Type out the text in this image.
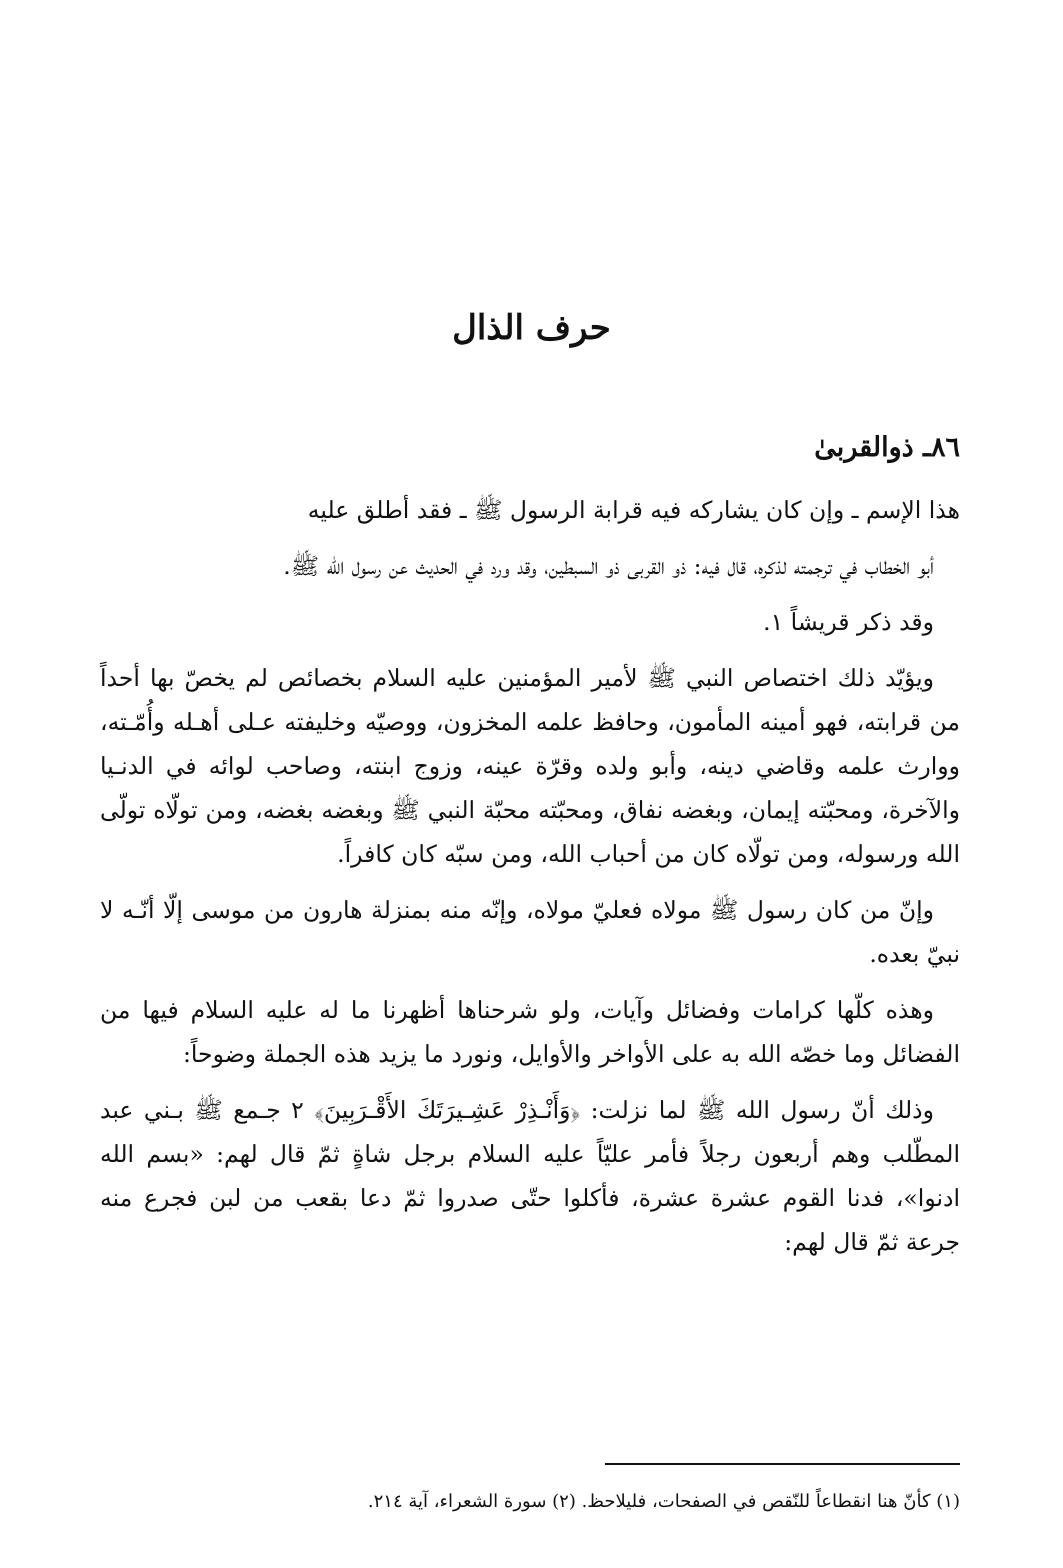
حرف الذال
٨٦ـ ذوالقربىٰ

هذا الإسم ـ وإن كان يشاركه فيه قرابة الرسول ﷺ ـ فقد أطلق عليه

أبو الخطاب في ترجمته لذكره، قال فيه: ذو القربى ذو السبطين، وقد ورد في الحديث عن رسول الله ﷺ.

وقد ذكر قريشاً ١.

ويؤيّد ذلك اختصاص النبي ﷺ لأمير المؤمنين عليه السلام بخصائص لم يخصّ بها أحداً من قرابته، فهو أمينه المأمون، وحافظ علمه المخزون، ووصيّه وخليفته عـلى أهـله وأُمّـته، ووارث علمه وقاضي دينه، وأبو ولده وقرّة عينه، وزوج ابنته، وصاحب لوائه في الدنـيا والآخرة، ومحبّته إيمان، وبغضه نفاق، ومحبّته محبّة النبي ﷺ وبغضه بغضه، ومن تولّاه تولّى الله ورسوله، ومن تولّاه كان من أحباب الله، ومن سبّه كان كافراً.

وإنّ من كان رسول ﷺ مولاه فعليّ مولاه، وإنّه منه بمنزلة هارون من موسى إلّا أنّـه لا نبيّ بعده.

وهذه كلّها كرامات وفضائل وآيات، ولو شرحناها أظهرنا ما له عليه السلام فيها من الفضائل وما خصّه الله به على الأواخر والأوايل، ونورد ما يزيد هذه الجملة وضوحاً:

وذلك أنّ رسول الله ﷺ لما نزلت: ﴿وَأَنْـذِرْ عَشِـيرَتَكَ الأَقْـرَبِينَ﴾ ٢ جـمع ﷺ بـني عبد المطّلب وهم أربعون رجلاً فأمر عليّاً عليه السلام برجل شاةٍ ثمّ قال لهم: «بسم الله ادنوا»، فدنا القوم عشرة عشرة، فأكلوا حتّى صدروا ثمّ دعا بقعب من لبن فجرع منه جرعة ثمّ قال لهم:

(١) كأنّ هنا انقطاعاً للنّقص في الصفحات، فليلاحظ. (٢) سورة الشعراء، آية ٢١٤.
